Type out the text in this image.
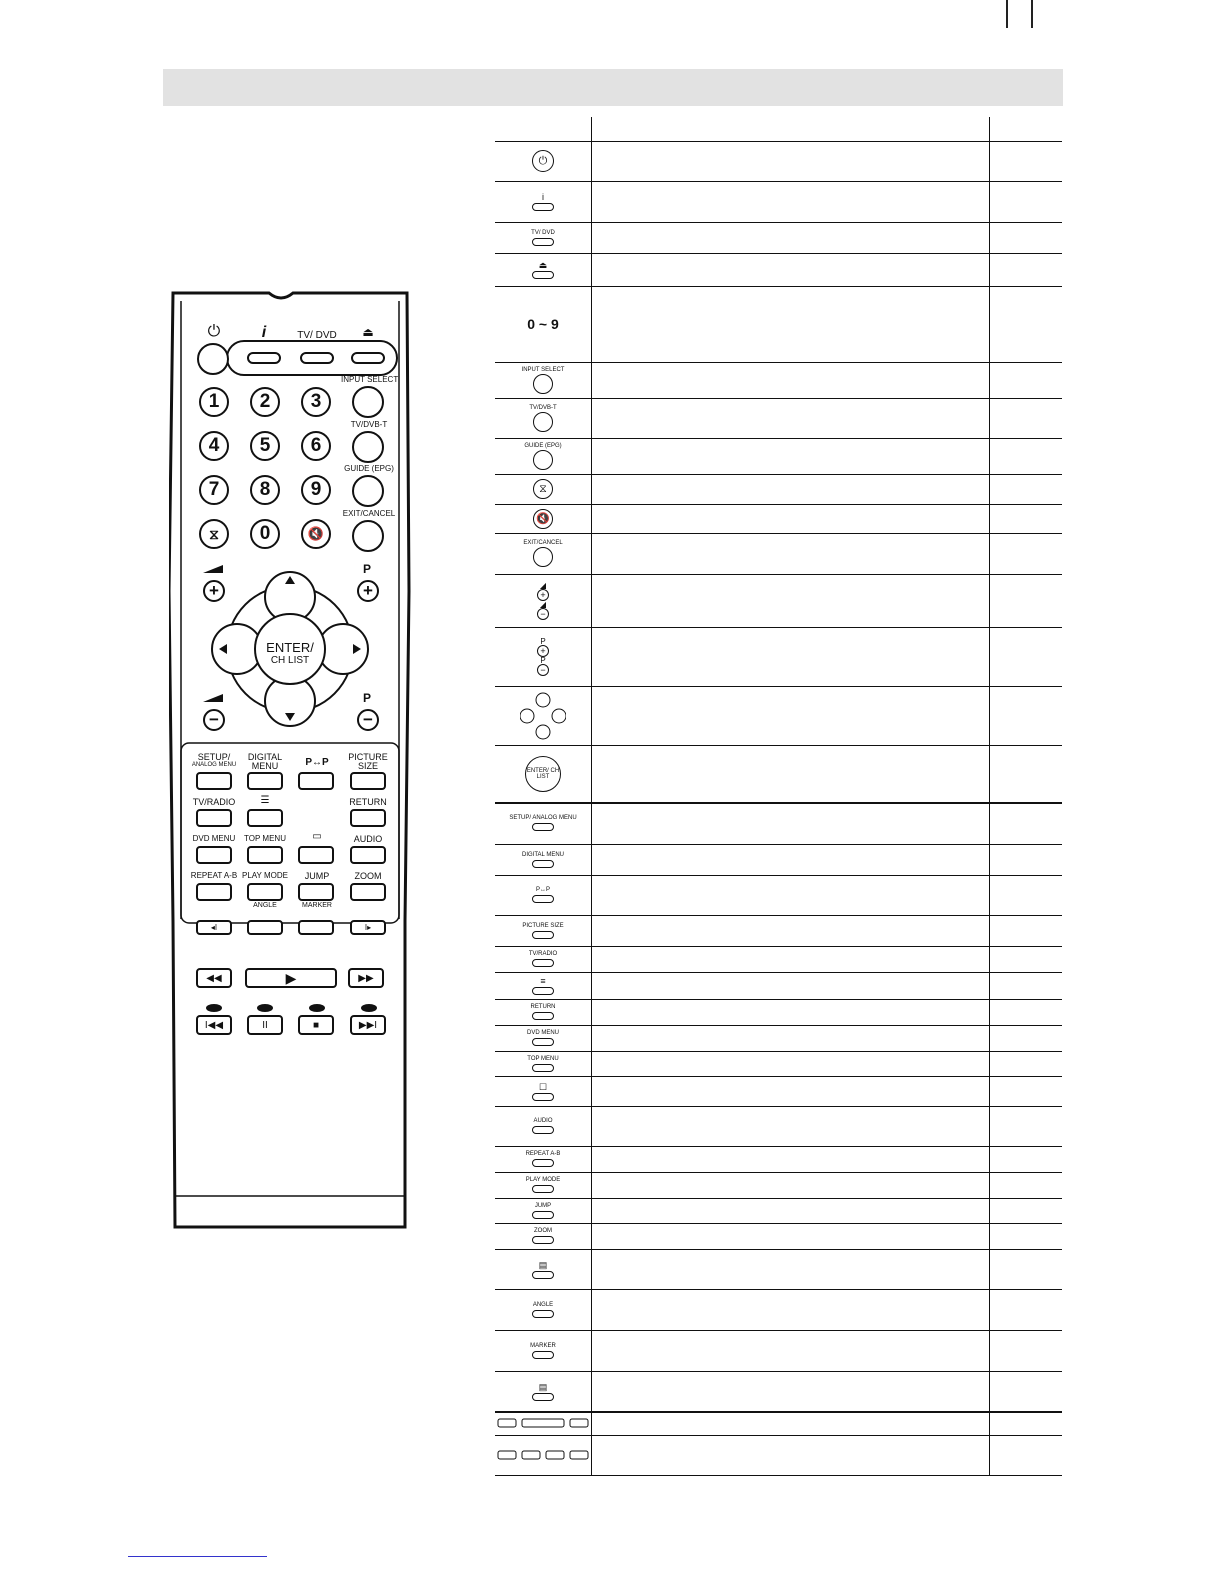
⏻	i	TV/ DVD	⏏
1	2	3
4	5	6
7	8	9
⧖	0	🔇
INPUT SELECT
TV/DVB-T
GUIDE (EPG)
EXIT/CANCEL
+
P
+
−
P
−
ENTER/
CH LIST
SETUP/
ANALOG MENU
DIGITAL
MENU	P↔P	PICTURE
SIZE
TV/RADIO	☰	RETURN
DVD MENU	TOP MENU	▭	AUDIO
REPEAT A-B PLAY MODE	JUMP	ZOOM
ANGLE	MARKER
◂I	I▸
◀◀	▶	▶▶
I◀◀	II	■	▶▶I
⏻
i
TV/ DVD
⏏
0 ~ 9
INPUT SELECT
TV/DVB-T
GUIDE (EPG)
⧖
🔇
EXIT/CANCEL
◢
+
◢
−
P
+
P
−
ENTER/ CH LIST
SETUP/ ANALOG MENU
DIGITAL MENU
P↔P
PICTURE SIZE
TV/RADIO
≡
RETURN
DVD MENU
TOP MENU
☐
AUDIO
REPEAT A-B
PLAY MODE
JUMP
ZOOM
▤
ANGLE
MARKER
▤
